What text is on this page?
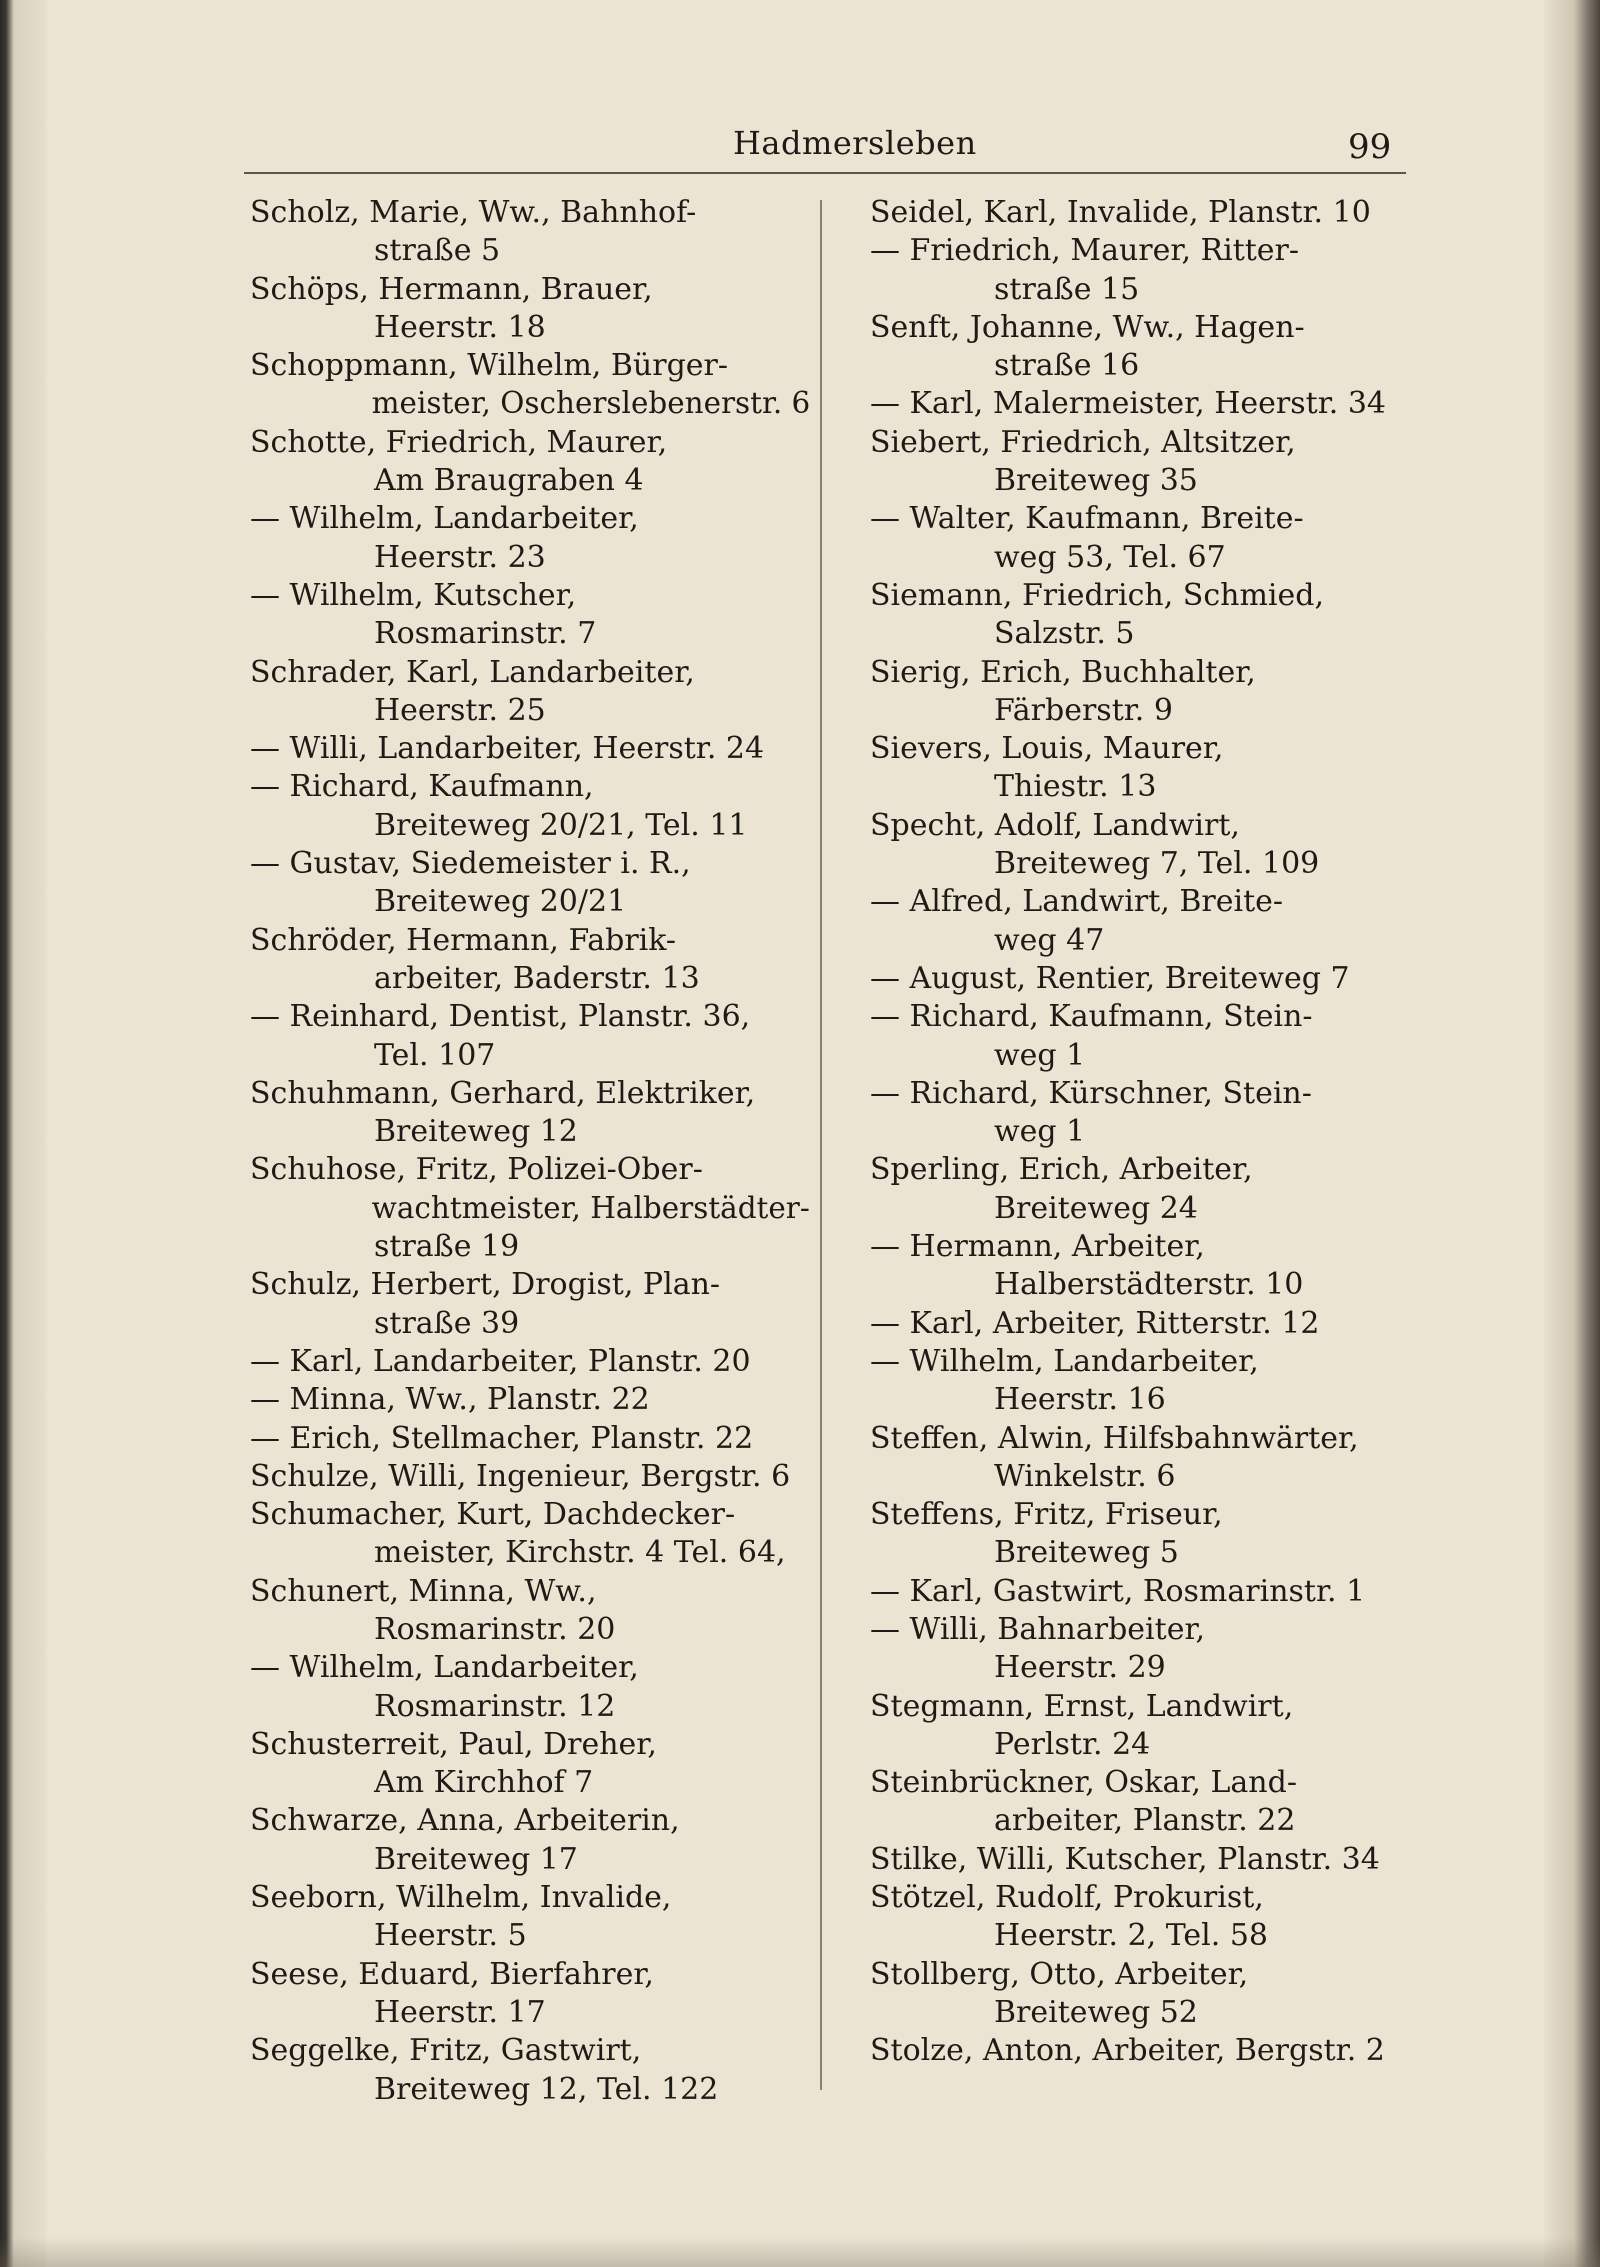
Hadmersleben	99
Scholz, Marie, Ww., Bahnhof-
straße 5
Schöps, Hermann, Brauer,
Heerstr. 18
Schoppmann, Wilhelm, Bürger-
meister, Oscherslebenerstr. 6
Schotte, Friedrich, Maurer,
Am Braugraben 4
— Wilhelm, Landarbeiter,
Heerstr. 23
— Wilhelm, Kutscher,
Rosmarinstr. 7
Schrader, Karl, Landarbeiter,
Heerstr. 25
— Willi, Landarbeiter, Heerstr. 24
— Richard, Kaufmann,
Breiteweg 20/21, Tel. 11
— Gustav, Siedemeister i. R.,
Breiteweg 20/21
Schröder, Hermann, Fabrik-
arbeiter, Baderstr. 13
— Reinhard, Dentist, Planstr. 36,
Tel. 107
Schuhmann, Gerhard, Elektriker,
Breiteweg 12
Schuhose, Fritz, Polizei-Ober-
wachtmeister, Halberstädter-
straße 19
Schulz, Herbert, Drogist, Plan-
straße 39
— Karl, Landarbeiter, Planstr. 20
— Minna, Ww., Planstr. 22
— Erich, Stellmacher, Planstr. 22
Schulze, Willi, Ingenieur, Bergstr. 6
Schumacher, Kurt, Dachdecker-
meister, Kirchstr. 4 Tel. 64,
Schunert, Minna, Ww.,
Rosmarinstr. 20
— Wilhelm, Landarbeiter,
Rosmarinstr. 12
Schusterreit, Paul, Dreher,
Am Kirchhof 7
Schwarze, Anna, Arbeiterin,
Breiteweg 17
Seeborn, Wilhelm, Invalide,
Heerstr. 5
Seese, Eduard, Bierfahrer,
Heerstr. 17
Seggelke, Fritz, Gastwirt,
Breiteweg 12, Tel. 122
Seidel, Karl, Invalide, Planstr. 10
— Friedrich, Maurer, Ritter-
straße 15
Senft, Johanne, Ww., Hagen-
straße 16
— Karl, Malermeister, Heerstr. 34
Siebert, Friedrich, Altsitzer,
Breiteweg 35
— Walter, Kaufmann, Breite-
weg 53, Tel. 67
Siemann, Friedrich, Schmied,
Salzstr. 5
Sierig, Erich, Buchhalter,
Färberstr. 9
Sievers, Louis, Maurer,
Thiestr. 13
Specht, Adolf, Landwirt,
Breiteweg 7, Tel. 109
— Alfred, Landwirt, Breite-
weg 47
— August, Rentier, Breiteweg 7
— Richard, Kaufmann, Stein-
weg 1
— Richard, Kürschner, Stein-
weg 1
Sperling, Erich, Arbeiter,
Breiteweg 24
— Hermann, Arbeiter,
Halberstädterstr. 10
— Karl, Arbeiter, Ritterstr. 12
— Wilhelm, Landarbeiter,
Heerstr. 16
Steffen, Alwin, Hilfsbahnwärter,
Winkelstr. 6
Steffens, Fritz, Friseur,
Breiteweg 5
— Karl, Gastwirt, Rosmarinstr. 1
— Willi, Bahnarbeiter,
Heerstr. 29
Stegmann, Ernst, Landwirt,
Perlstr. 24
Steinbrückner, Oskar, Land-
arbeiter, Planstr. 22
Stilke, Willi, Kutscher, Planstr. 34
Stötzel, Rudolf, Prokurist,
Heerstr. 2, Tel. 58
Stollberg, Otto, Arbeiter,
Breiteweg 52
Stolze, Anton, Arbeiter, Bergstr. 2
